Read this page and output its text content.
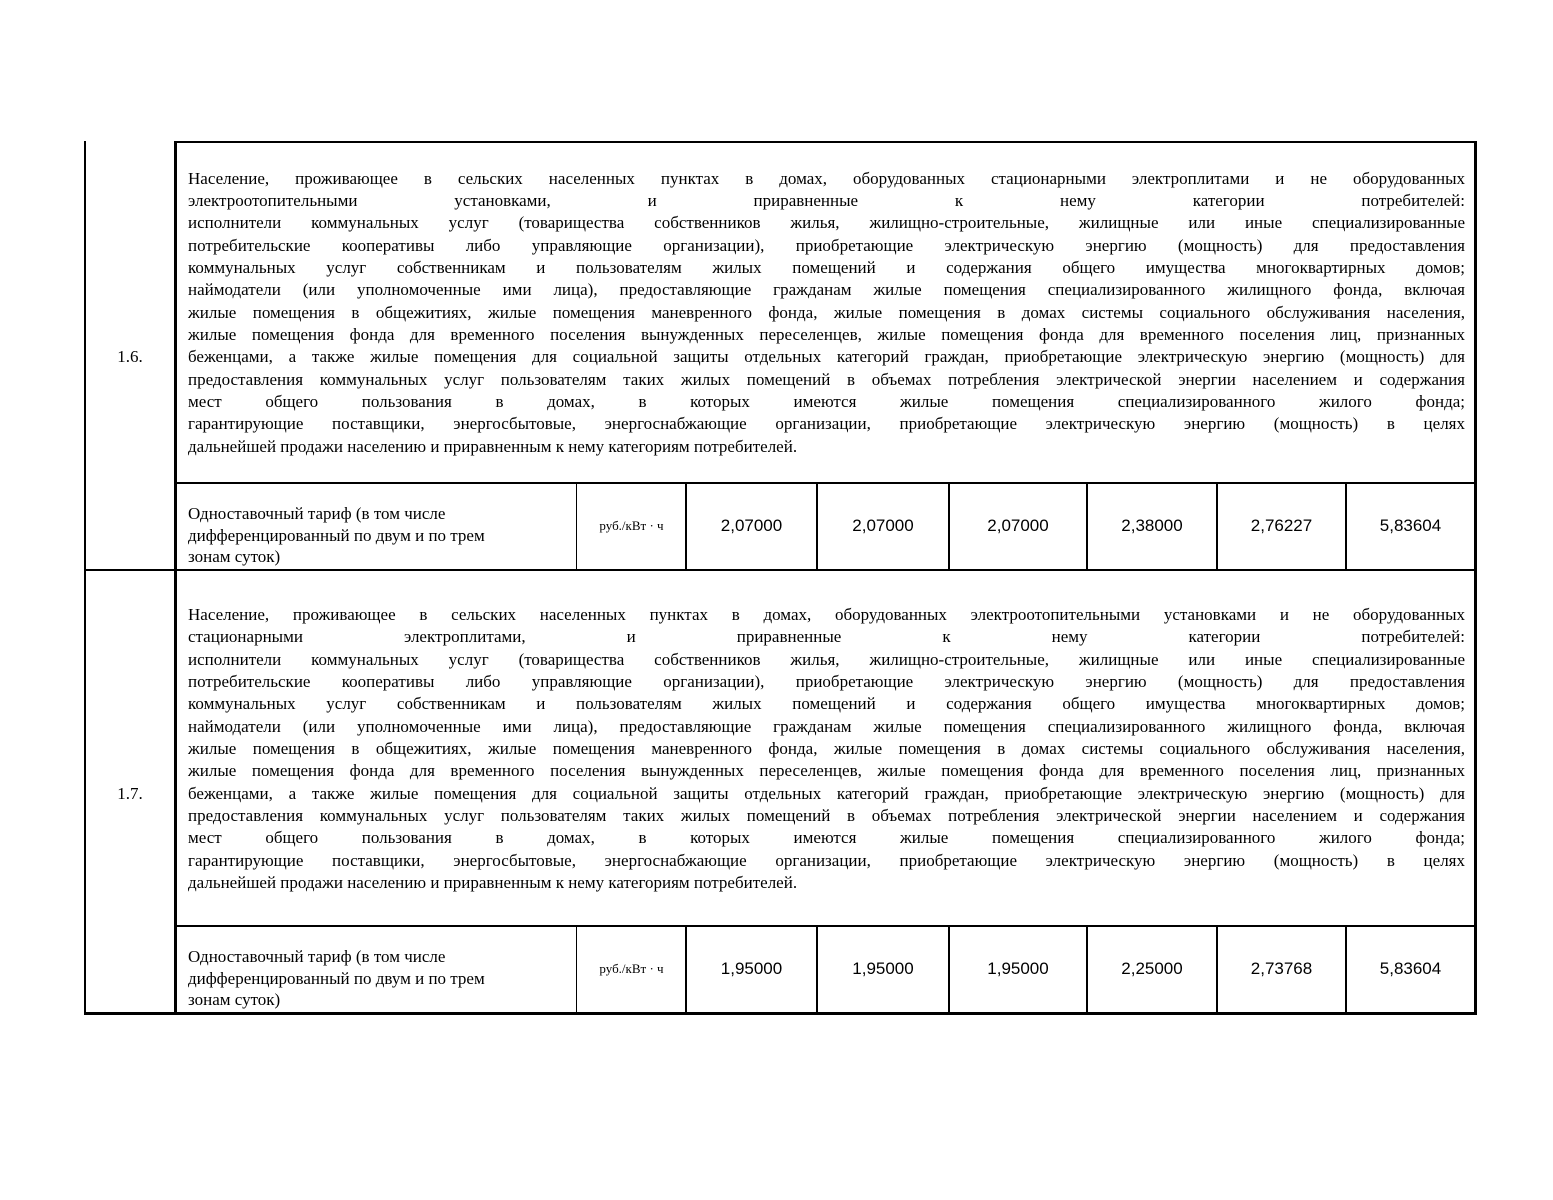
1.6.

Население, проживающее в сельских населенных пунктах в домах, оборудованных стационарными электроплитами и не оборудованных

электроотопительными установками, и приравненные к нему категории потребителей:

исполнители коммунальных услуг (товарищества собственников жилья, жилищно-строительные, жилищные или иные специализированные

потребительские кооперативы либо управляющие организации), приобретающие электрическую энергию (мощность) для предоставления

коммунальных услуг собственникам и пользователям жилых помещений и содержания общего имущества многоквартирных домов;

наймодатели (или уполномоченные ими лица), предоставляющие гражданам жилые помещения специализированного жилищного фонда, включая

жилые помещения в общежитиях, жилые помещения маневренного фонда, жилые помещения в домах системы социального обслуживания населения,

жилые помещения фонда для временного поселения вынужденных переселенцев, жилые помещения фонда для временного поселения лиц, признанных

беженцами, а также жилые помещения для социальной защиты отдельных категорий граждан, приобретающие электрическую энергию (мощность) для

предоставления коммунальных услуг пользователям таких жилых помещений в объемах потребления электрической энергии населением и содержания

мест общего пользования в домах, в которых имеются жилые помещения специализированного жилого фонда;

гарантирующие поставщики, энергосбытовые, энергоснабжающие организации, приобретающие электрическую энергию (мощность) в целях

дальнейшей продажи населению и приравненным к нему категориям потребителей.

Одноставочный тариф (в том числе

дифференцированный по двум и по трем

зонам суток)

руб./кВт · ч	2,07000	2,07000	2,07000	2,38000	2,76227	5,83604
1.7.

Население, проживающее в сельских населенных пунктах в домах, оборудованных электроотопительными установками и не оборудованных

стационарными электроплитами, и приравненные к нему категории потребителей:

исполнители коммунальных услуг (товарищества собственников жилья, жилищно-строительные, жилищные или иные специализированные

потребительские кооперативы либо управляющие организации), приобретающие электрическую энергию (мощность) для предоставления

коммунальных услуг собственникам и пользователям жилых помещений и содержания общего имущества многоквартирных домов;

наймодатели (или уполномоченные ими лица), предоставляющие гражданам жилые помещения специализированного жилищного фонда, включая

жилые помещения в общежитиях, жилые помещения маневренного фонда, жилые помещения в домах системы социального обслуживания населения,

жилые помещения фонда для временного поселения вынужденных переселенцев, жилые помещения фонда для временного поселения лиц, признанных

беженцами, а также жилые помещения для социальной защиты отдельных категорий граждан, приобретающие электрическую энергию (мощность) для

предоставления коммунальных услуг пользователям таких жилых помещений в объемах потребления электрической энергии населением и содержания

мест общего пользования в домах, в которых имеются жилые помещения специализированного жилого фонда;

гарантирующие поставщики, энергосбытовые, энергоснабжающие организации, приобретающие электрическую энергию (мощность) в целях

дальнейшей продажи населению и приравненным к нему категориям потребителей.

Одноставочный тариф (в том числе

дифференцированный по двум и по трем

зонам суток)

руб./кВт · ч	1,95000	1,95000	1,95000	2,25000	2,73768	5,83604
